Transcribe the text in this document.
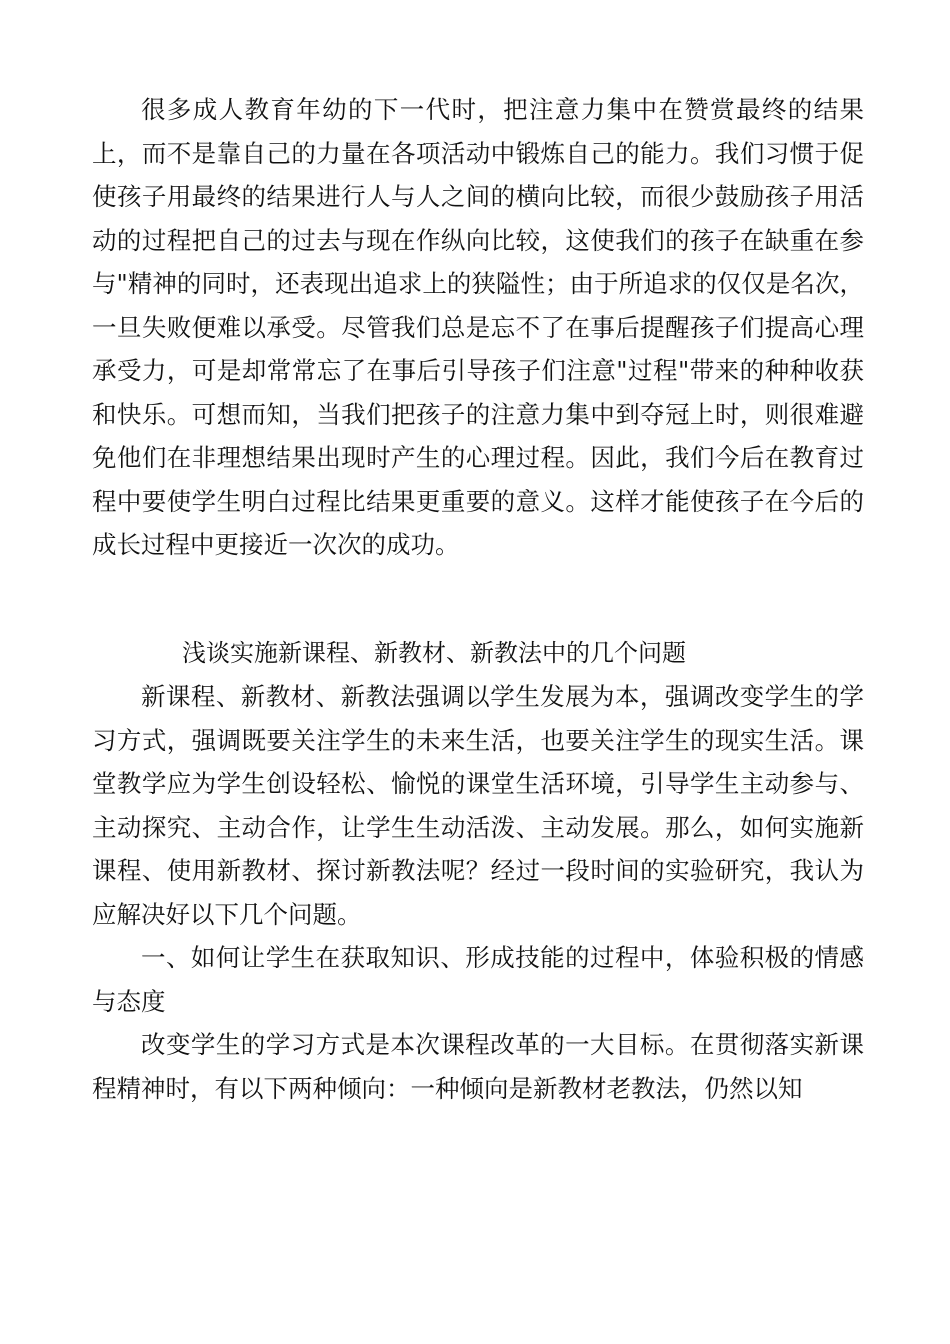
很多成人教育年幼的下一代时，把注意力集中在赞赏最终的结果上，而不是靠自己的力量在各项活动中锻炼自己的能力。我们习惯于促使孩子用最终的结果进行人与人之间的横向比较，而很少鼓励孩子用活动的过程把自己的过去与现在作纵向比较，这使我们的孩子在缺重在参与"精神的同时，还表现出追求上的狭隘性；由于所追求的仅仅是名次，一旦失败便难以承受。尽管我们总是忘不了在事后提醒孩子们提高心理承受力，可是却常常忘了在事后引导孩子们注意"过程"带来的种种收获和快乐。可想而知，当我们把孩子的注意力集中到夺冠上时，则很难避免他们在非理想结果出现时产生的心理过程。因此，我们今后在教育过程中要使学生明白过程比结果更重要的意义。这样才能使孩子在今后的成长过程中更接近一次次的成功。

浅谈实施新课程、新教材、新教法中的几个问题

新课程、新教材、新教法强调以学生发展为本，强调改变学生的学习方式，强调既要关注学生的未来生活，也要关注学生的现实生活。课堂教学应为学生创设轻松、愉悦的课堂生活环境，引导学生主动参与、主动探究、主动合作，让学生生动活泼、主动发展。那么，如何实施新课程、使用新教材、探讨新教法呢？经过一段时间的实验研究，我认为应解决好以下几个问题。

一、如何让学生在获取知识、形成技能的过程中，体验积极的情感与态度

改变学生的学习方式是本次课程改革的一大目标。在贯彻落实新课程精神时，有以下两种倾向：一种倾向是新教材老教法，仍然以知
